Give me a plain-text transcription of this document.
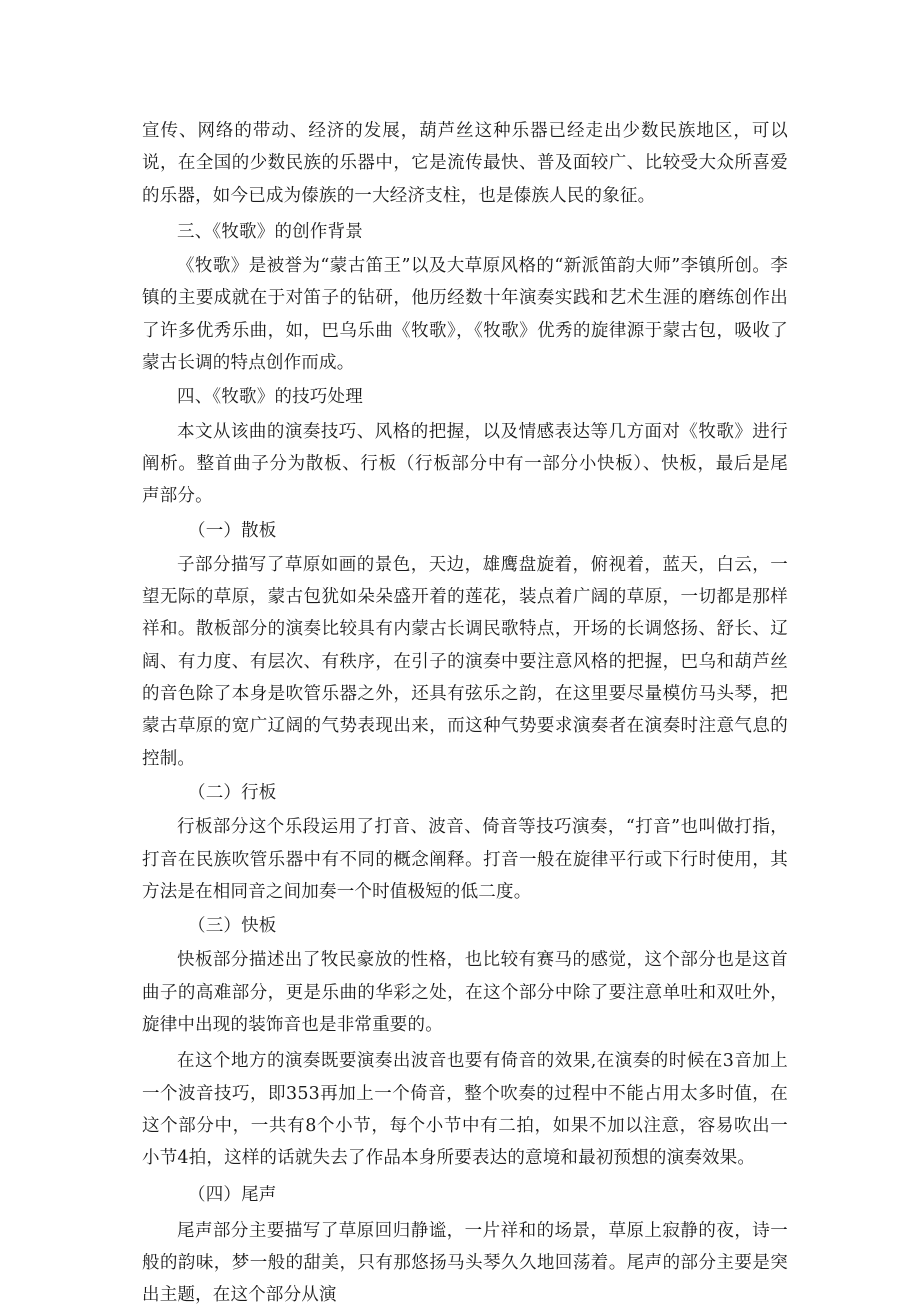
宣传、网络的带动、经济的发展，葫芦丝这种乐器已经走出少数民族地区，可以说，在全国的少数民族的乐器中，它是流传最快、普及面较广、比较受大众所喜爱的乐器，如今已成为傣族的一大经济支柱，也是傣族人民的象征。

三、《牧歌》的创作背景

《牧歌》是被誉为“蒙古笛王”以及大草原风格的“新派笛韵大师”李镇所创。李镇的主要成就在于对笛子的钻研，他历经数十年演奏实践和艺术生涯的磨练创作出了许多优秀乐曲，如，巴乌乐曲《牧歌》，《牧歌》优秀的旋律源于蒙古包，吸收了蒙古长调的特点创作而成。

四、《牧歌》的技巧处理

本文从该曲的演奏技巧、风格的把握，以及情感表达等几方面对《牧歌》进行阐析。整首曲子分为散板、行板（行板部分中有一部分小快板）、快板，最后是尾声部分。

（一）散板

子部分描写了草原如画的景色，天边，雄鹰盘旋着，俯视着，蓝天，白云，一望无际的草原，蒙古包犹如朵朵盛开着的莲花，装点着广阔的草原，一切都是那样祥和。散板部分的演奏比较具有内蒙古长调民歌特点，开场的长调悠扬、舒长、辽阔、有力度、有层次、有秩序，在引子的演奏中要注意风格的把握，巴乌和葫芦丝的音色除了本身是吹管乐器之外，还具有弦乐之韵，在这里要尽量模仿马头琴，把蒙古草原的宽广辽阔的气势表现出来，而这种气势要求演奏者在演奏时注意气息的控制。

（二）行板

行板部分这个乐段运用了打音、波音、倚音等技巧演奏，“打音”也叫做打指，打音在民族吹管乐器中有不同的概念阐释。打音一般在旋律平行或下行时使用，其方法是在相同音之间加奏一个时值极短的低二度。

（三）快板

快板部分描述出了牧民豪放的性格，也比较有赛马的感觉，这个部分也是这首曲子的高难部分，更是乐曲的华彩之处，在这个部分中除了要注意单吐和双吐外，旋律中出现的装饰音也是非常重要的。

在这个地方的演奏既要演奏出波音也要有倚音的效果,在演奏的时候在3音加上一个波音技巧，即353再加上一个倚音，整个吹奏的过程中不能占用太多时值，在这个部分中，一共有8个小节，每个小节中有二拍，如果不加以注意，容易吹出一小节4拍，这样的话就失去了作品本身所要表达的意境和最初预想的演奏效果。

（四）尾声

尾声部分主要描写了草原回归静谧，一片祥和的场景，草原上寂静的夜，诗一般的韵味，梦一般的甜美，只有那悠扬马头琴久久地回荡着。尾声的部分主要是突出主题，在这个部分从演
